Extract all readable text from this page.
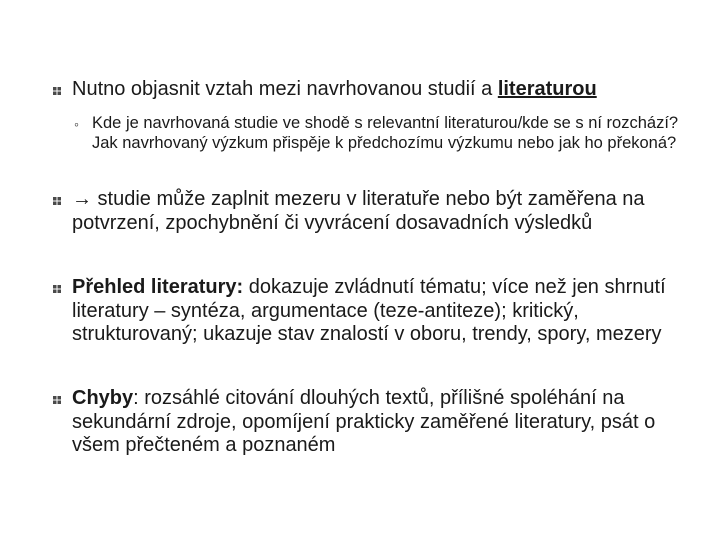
Nutno objasnit vztah mezi navrhovanou studií a literaturou
◦ Kde je navrhovaná studie ve shodě s relevantní literaturou/kde se s ní rozchází? Jak navrhovaný výzkum přispěje k předchozímu výzkumu nebo jak ho překoná?
→ studie může zaplnit mezeru v literatuře nebo být zaměřena na potvrzení, zpochybnění či vyvrácení dosavadních výsledků
Přehled literatury: dokazuje zvládnutí tématu; více než jen shrnutí literatury – syntéza, argumentace (teze-antiteze); kritický, strukturovaný; ukazuje stav znalostí v oboru, trendy, spory, mezery
Chyby: rozsáhlé citování dlouhých textů, přílišné spoléhání na sekundární zdroje, opomíjení prakticky zaměřené literatury, psát o všem přečteném a poznaném
